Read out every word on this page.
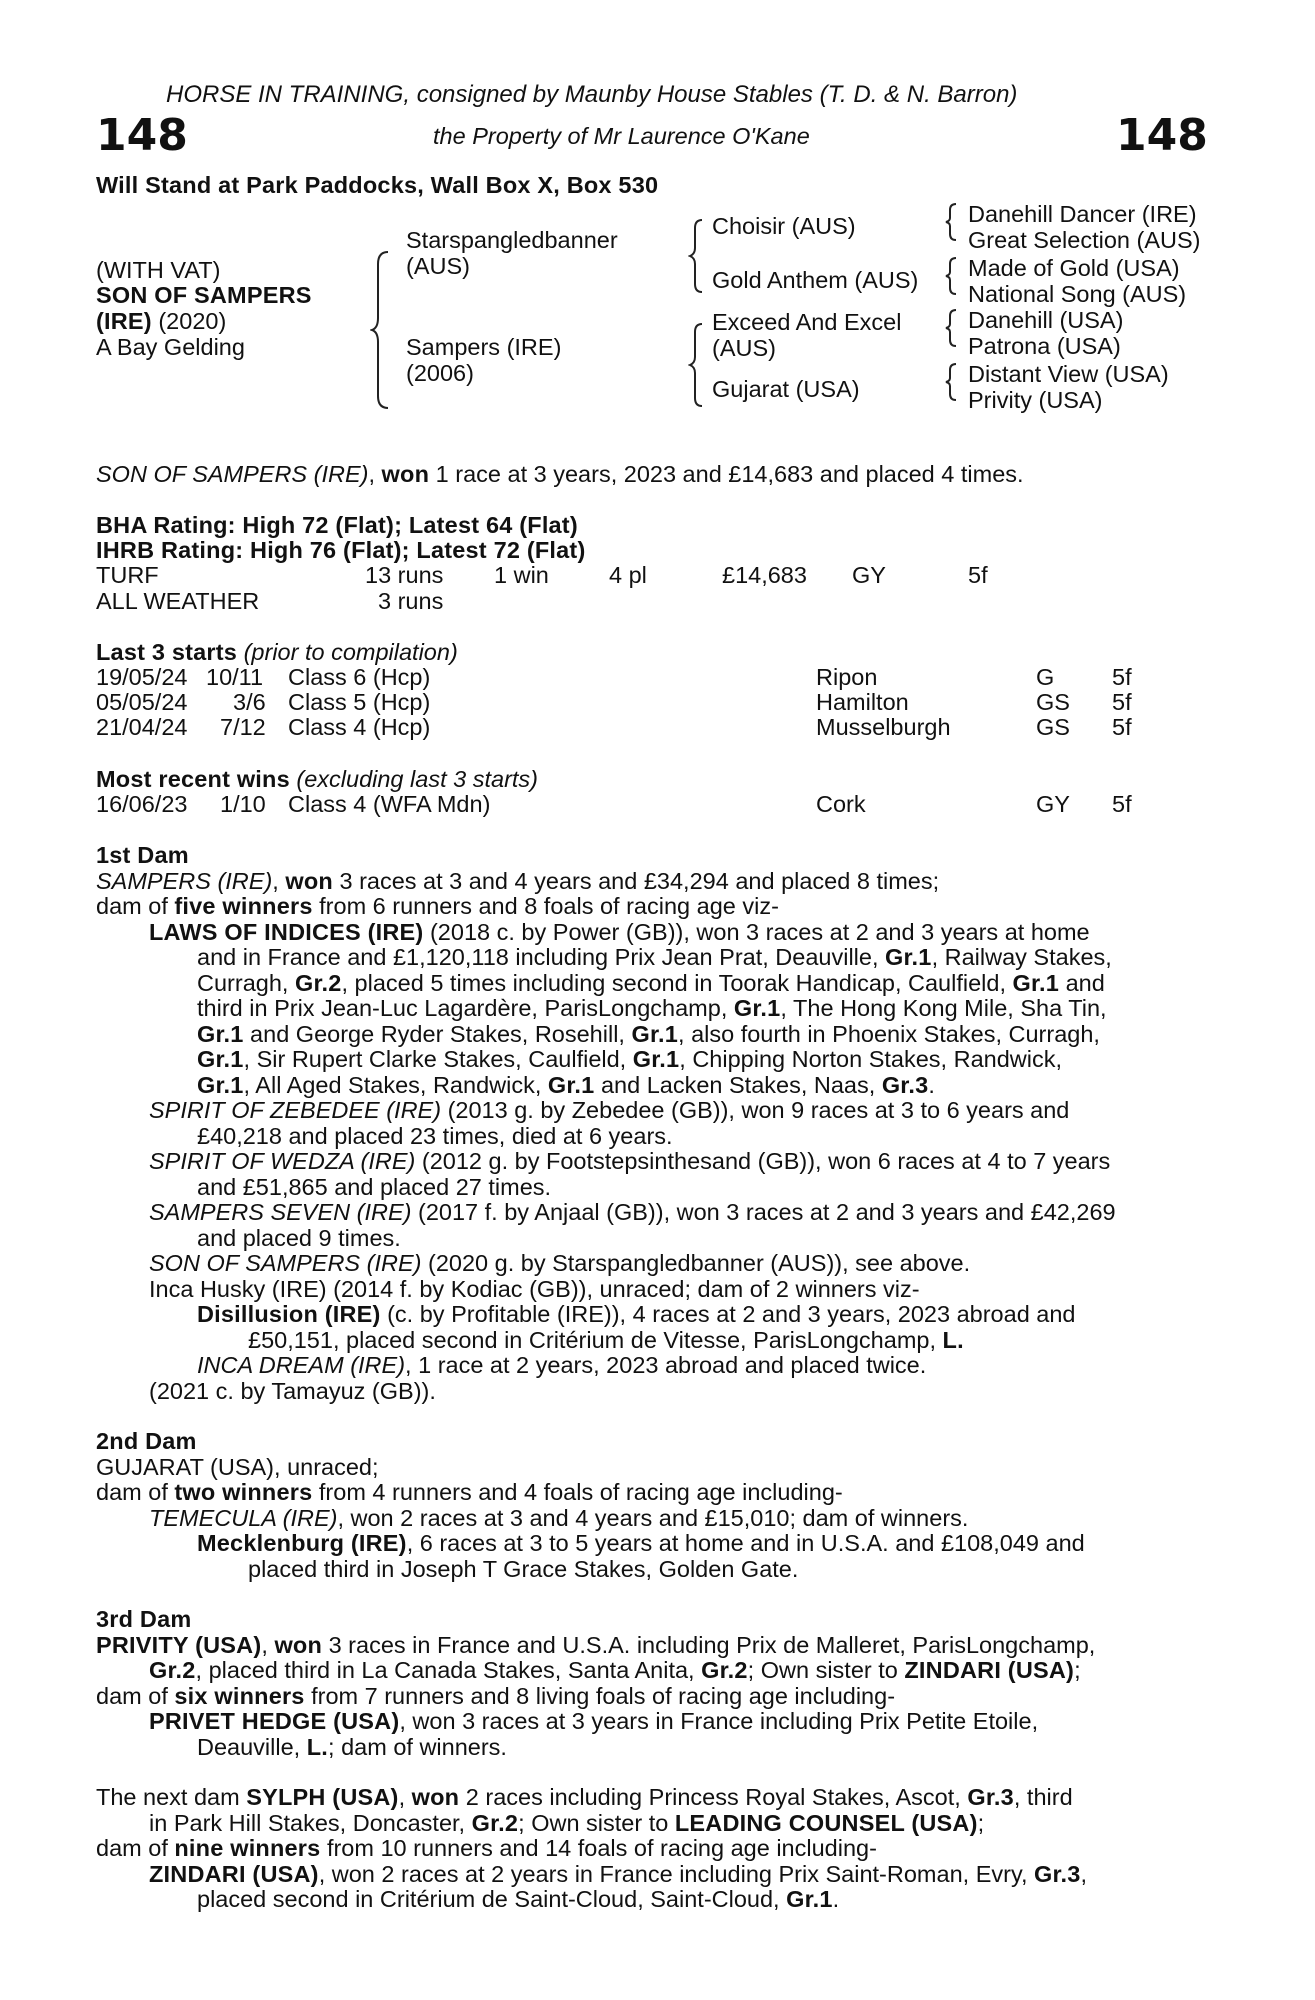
HORSE IN TRAINING, consigned by Maunby House Stables (T. D. & N. Barron)
148	the Property of Mr Laurence O'Kane	148
Will Stand at Park Paddocks, Wall Box X, Box 530
(WITH VAT)
SON OF SAMPERS
(IRE) (2020)
A Bay Gelding
Starspangledbanner
(AUS)
Sampers (IRE)
(2006)
Choisir (AUS)
Gold Anthem (AUS)
Exceed And Excel
(AUS)
Gujarat (USA)
Danehill Dancer (IRE)
Great Selection (AUS)
Made of Gold (USA)
National Song (AUS)
Danehill (USA)
Patrona (USA)
Distant View (USA)
Privity (USA)
SON OF SAMPERS (IRE), won 1 race at 3 years, 2023 and £14,683 and placed 4 times.
BHA Rating: High 72 (Flat); Latest 64 (Flat)
IHRB Rating: High 76 (Flat); Latest 72 (Flat)
TURF	13 runs 1 win	4 pl	£14,683 GY	5f
ALL WEATHER	3 runs
Last 3 starts (prior to compilation)
19/05/24 10/11 Class 6 (Hcp)	Ripon	G 5f
05/05/24 3/6 Class 5 (Hcp)	Hamilton	GS 5f
21/04/24 7/12 Class 4 (Hcp)	Musselburgh	GS 5f
Most recent wins (excluding last 3 starts)
16/06/23 1/10 Class 4 (WFA Mdn)	Cork	GY 5f
1st Dam
SAMPERS (IRE), won 3 races at 3 and 4 years and £34,294 and placed 8 times;
dam of five winners from 6 runners and 8 foals of racing age viz-
LAWS OF INDICES (IRE) (2018 c. by Power (GB)), won 3 races at 2 and 3 years at home
and in France and £1,120,118 including Prix Jean Prat, Deauville, Gr.1, Railway Stakes,
Curragh, Gr.2, placed 5 times including second in Toorak Handicap, Caulfield, Gr.1 and
third in Prix Jean-Luc Lagardère, ParisLongchamp, Gr.1, The Hong Kong Mile, Sha Tin,
Gr.1 and George Ryder Stakes, Rosehill, Gr.1, also fourth in Phoenix Stakes, Curragh,
Gr.1, Sir Rupert Clarke Stakes, Caulfield, Gr.1, Chipping Norton Stakes, Randwick,
Gr.1, All Aged Stakes, Randwick, Gr.1 and Lacken Stakes, Naas, Gr.3.
SPIRIT OF ZEBEDEE (IRE) (2013 g. by Zebedee (GB)), won 9 races at 3 to 6 years and
£40,218 and placed 23 times, died at 6 years.
SPIRIT OF WEDZA (IRE) (2012 g. by Footstepsinthesand (GB)), won 6 races at 4 to 7 years
and £51,865 and placed 27 times.
SAMPERS SEVEN (IRE) (2017 f. by Anjaal (GB)), won 3 races at 2 and 3 years and £42,269
and placed 9 times.
SON OF SAMPERS (IRE) (2020 g. by Starspangledbanner (AUS)), see above.
Inca Husky (IRE) (2014 f. by Kodiac (GB)), unraced; dam of 2 winners viz-
Disillusion (IRE) (c. by Profitable (IRE)), 4 races at 2 and 3 years, 2023 abroad and
£50,151, placed second in Critérium de Vitesse, ParisLongchamp, L.
INCA DREAM (IRE), 1 race at 2 years, 2023 abroad and placed twice.
(2021 c. by Tamayuz (GB)).
2nd Dam
GUJARAT (USA), unraced;
dam of two winners from 4 runners and 4 foals of racing age including-
TEMECULA (IRE), won 2 races at 3 and 4 years and £15,010; dam of winners.
Mecklenburg (IRE), 6 races at 3 to 5 years at home and in U.S.A. and £108,049 and
placed third in Joseph T Grace Stakes, Golden Gate.
3rd Dam
PRIVITY (USA), won 3 races in France and U.S.A. including Prix de Malleret, ParisLongchamp,
Gr.2, placed third in La Canada Stakes, Santa Anita, Gr.2; Own sister to ZINDARI (USA);
dam of six winners from 7 runners and 8 living foals of racing age including-
PRIVET HEDGE (USA), won 3 races at 3 years in France including Prix Petite Etoile,
Deauville, L.; dam of winners.
The next dam SYLPH (USA), won 2 races including Princess Royal Stakes, Ascot, Gr.3, third
in Park Hill Stakes, Doncaster, Gr.2; Own sister to LEADING COUNSEL (USA);
dam of nine winners from 10 runners and 14 foals of racing age including-
ZINDARI (USA), won 2 races at 2 years in France including Prix Saint-Roman, Evry, Gr.3,
placed second in Critérium de Saint-Cloud, Saint-Cloud, Gr.1.
